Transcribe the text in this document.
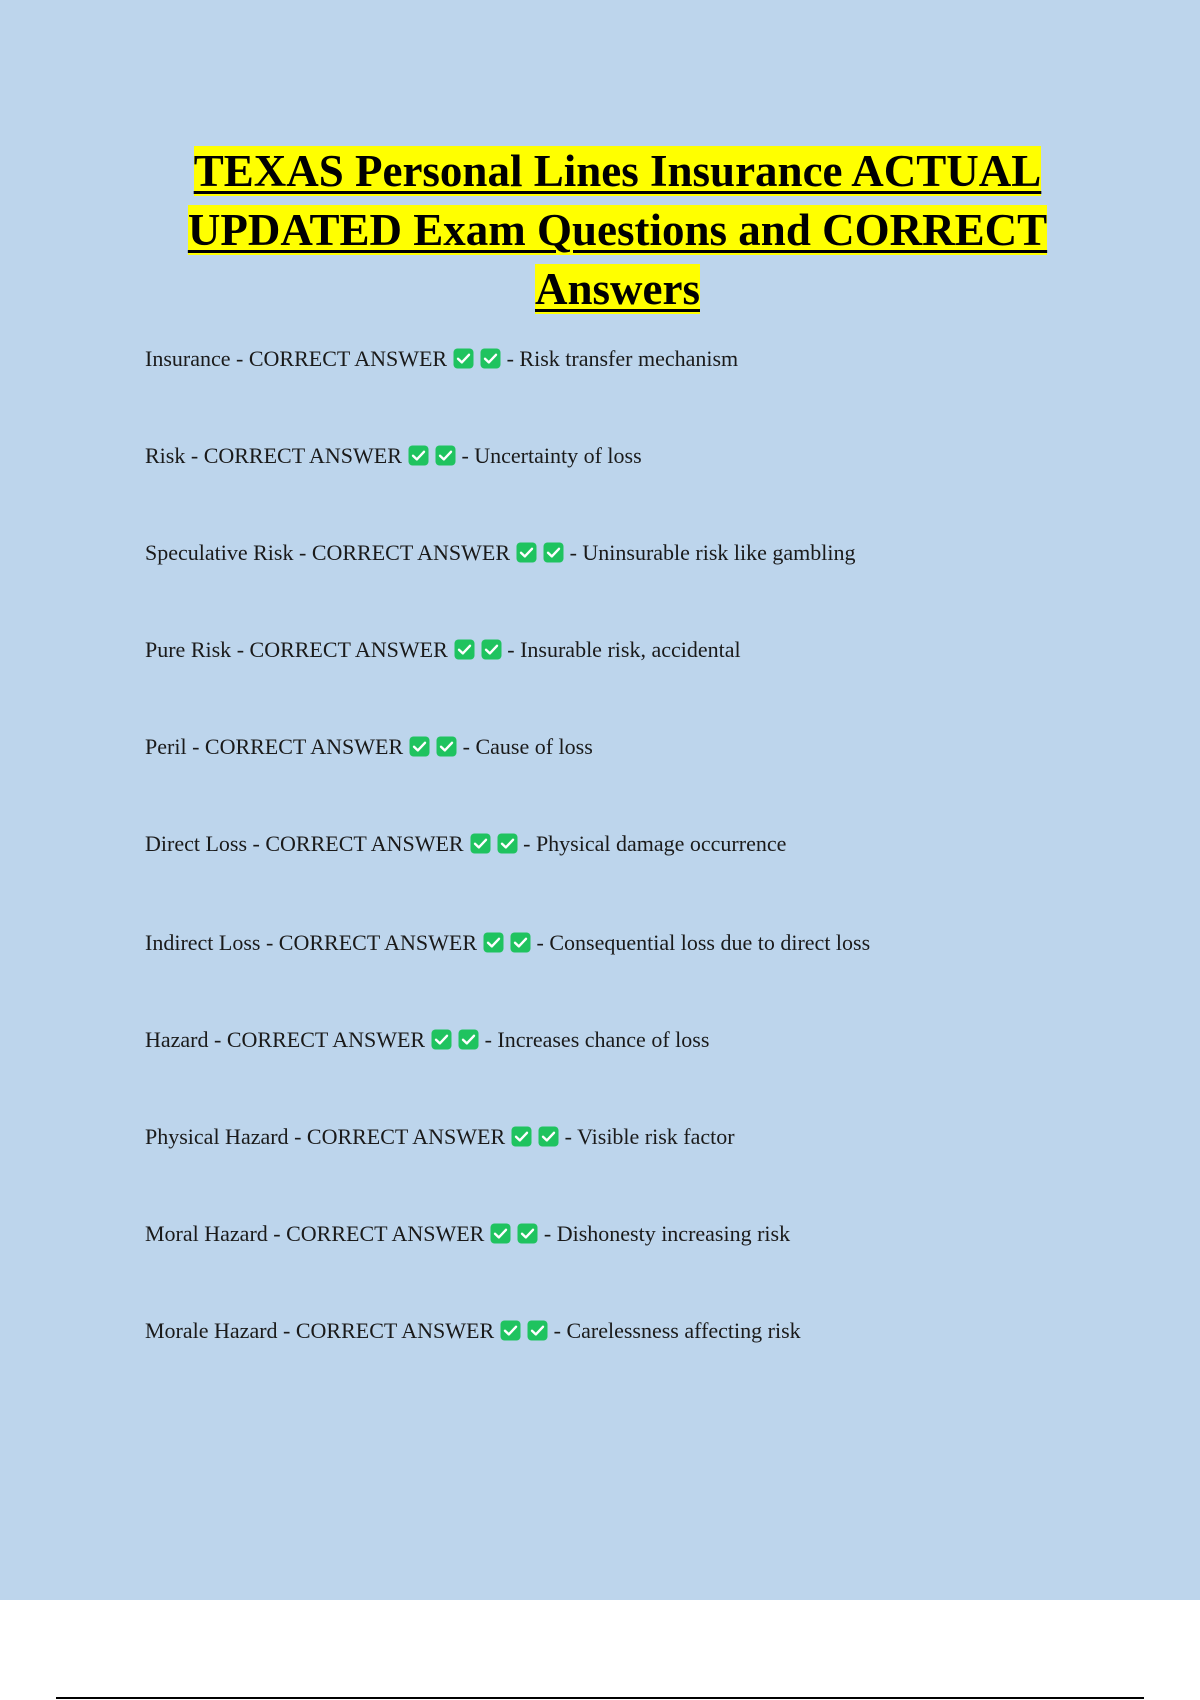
TEXAS Personal Lines Insurance ACTUAL UPDATED Exam Questions and CORRECT Answers
Insurance - CORRECT ANSWER
- Risk transfer mechanism
Risk - CORRECT ANSWER
- Uncertainty of loss
Speculative Risk - CORRECT ANSWER
- Uninsurable risk like gambling
Pure Risk - CORRECT ANSWER
- Insurable risk, accidental
Peril - CORRECT ANSWER
- Cause of loss
Direct Loss - CORRECT ANSWER
- Physical damage occurrence
Indirect Loss - CORRECT ANSWER
- Consequential loss due to direct loss
Hazard - CORRECT ANSWER
- Increases chance of loss
Physical Hazard - CORRECT ANSWER
- Visible risk factor
Moral Hazard - CORRECT ANSWER
- Dishonesty increasing risk
Morale Hazard - CORRECT ANSWER
- Carelessness affecting risk
